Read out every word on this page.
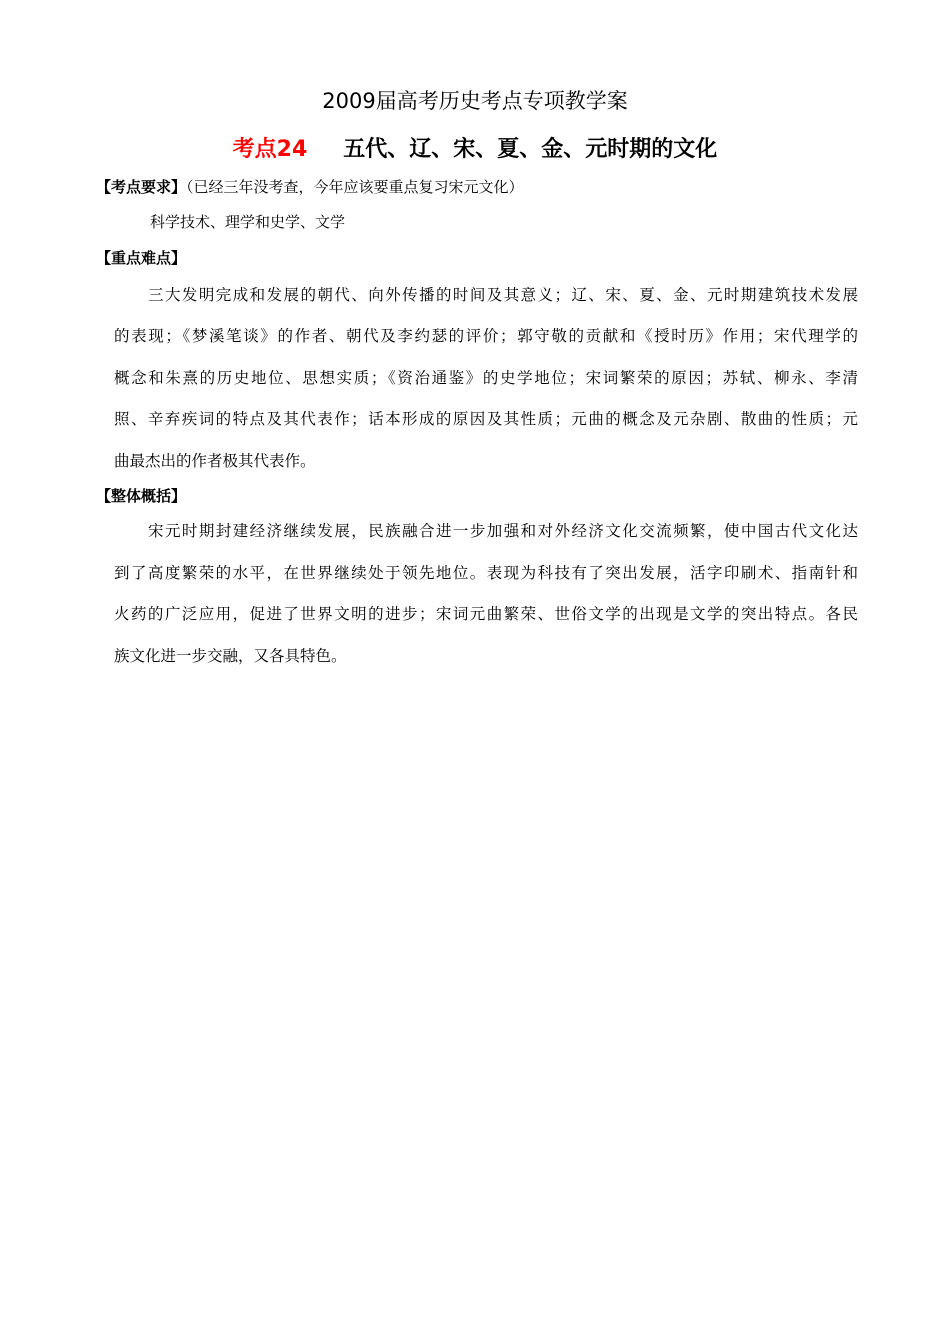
2009届高考历史考点专项教学案
考点24 五代、辽、宋、夏、金、元时期的文化
【考点要求】（已经三年没考查，今年应该要重点复习宋元文化）
科学技术、理学和史学、文学
【重点难点】
三大发明完成和发展的朝代、向外传播的时间及其意义；辽、宋、夏、金、元时期建筑技术发展
的表现；《梦溪笔谈》的作者、朝代及李约瑟的评价；郭守敬的贡献和《授时历》作用；宋代理学的
概念和朱熹的历史地位、思想实质；《资治通鉴》的史学地位；宋词繁荣的原因；苏轼、柳永、李清
照、辛弃疾词的特点及其代表作；话本形成的原因及其性质；元曲的概念及元杂剧、散曲的性质；元
曲最杰出的作者极其代表作。
【整体概括】
宋元时期封建经济继续发展，民族融合进一步加强和对外经济文化交流频繁，使中国古代文化达
到了高度繁荣的水平，在世界继续处于领先地位。表现为科技有了突出发展，活字印刷术、指南针和
火药的广泛应用，促进了世界文明的进步；宋词元曲繁荣、世俗文学的出现是文学的突出特点。各民
族文化进一步交融，又各具特色。
